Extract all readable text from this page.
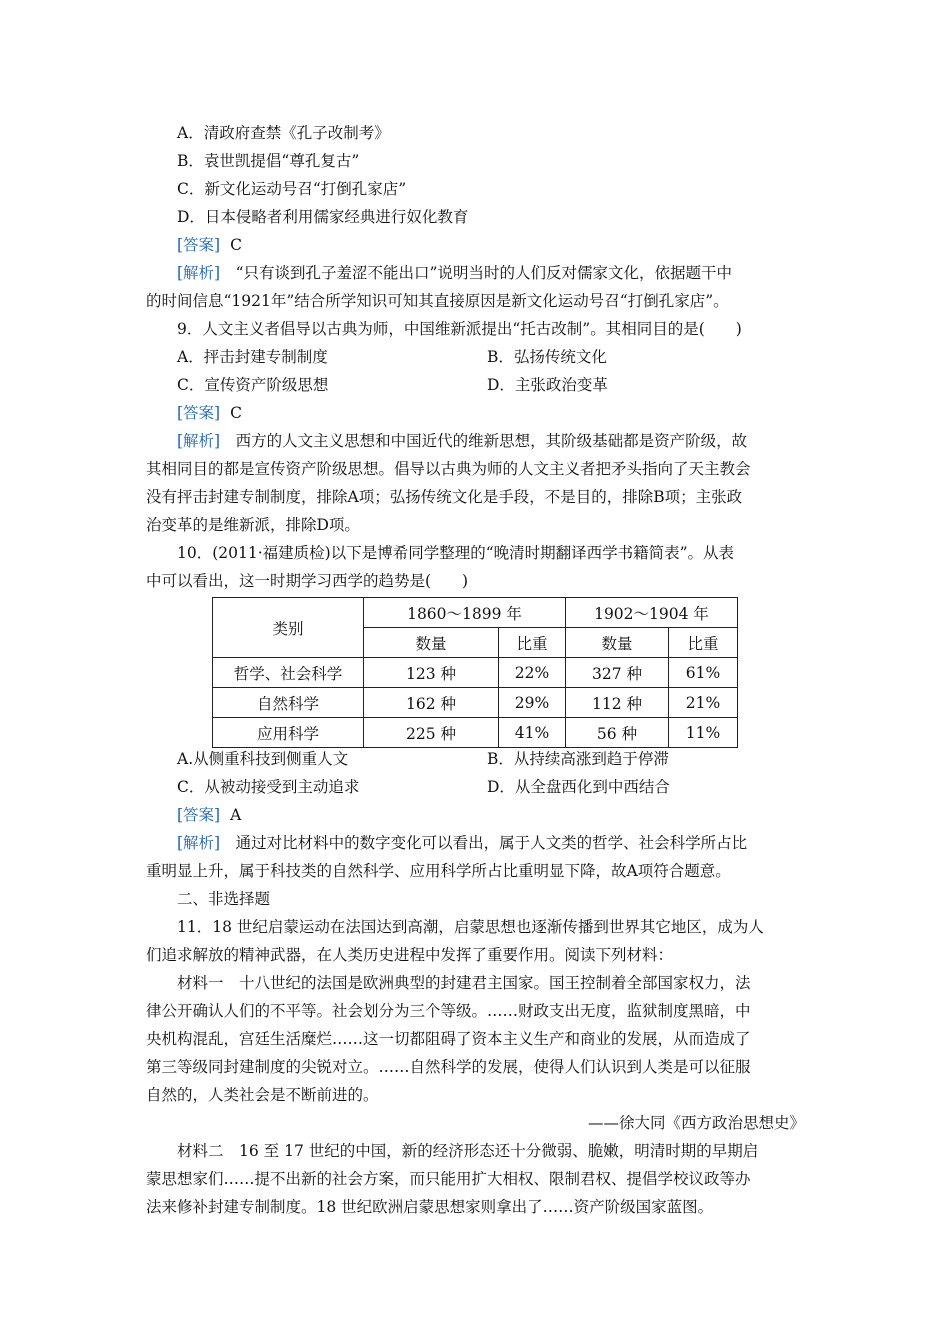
A．清政府查禁《孔子改制考》
B．袁世凯提倡“尊孔复古”
C．新文化运动号召“打倒孔家店”
D．日本侵略者利用儒家经典进行奴化教育
[答案] C
[解析]　 “只有谈到孔子羞涩不能出口”说明当时的人们反对儒家文化，依据题干中
的时间信息“1921年”结合所学知识可知其直接原因是新文化运动号召“打倒孔家店”。
9．人文主义者倡导以古典为师，中国维新派提出“托古改制”。其相同目的是(　　)
A．抨击封建专制制度	B．弘扬传统文化
C．宣传资产阶级思想	D．主张政治变革
[答案] C
[解析]　 西方的人文主义思想和中国近代的维新思想，其阶级基础都是资产阶级，故
其相同目的都是宣传资产阶级思想。倡导以古典为师的人文主义者把矛头指向了天主教会
没有抨击封建专制制度，排除A项；弘扬传统文化是手段，不是目的，排除B项；主张政
治变革的是维新派，排除D项。
10．(2011·福建质检)以下是博希同学整理的“晚清时期翻译西学书籍简表”。从表
中可以看出，这一时期学习西学的趋势是(　　)
类别	1860～1899 年		1902～1904 年	
	数量	比重	数量	比重
哲学、社会科学	123 种	22%	327 种	61%
自然科学	162 种	29%	112 种	21%
应用科学	225 种	41%	56 种	11%
A.从侧重科技到侧重人文	B．从持续高涨到趋于停滞
C．从被动接受到主动追求	D．从全盘西化到中西结合
[答案] A
[解析]　 通过对比材料中的数字变化可以看出，属于人文类的哲学、社会科学所占比
重明显上升，属于科技类的自然科学、应用科学所占比重明显下降，故A项符合题意。
二、非选择题
11．18 世纪启蒙运动在法国达到高潮，启蒙思想也逐渐传播到世界其它地区，成为人
们追求解放的精神武器，在人类历史进程中发挥了重要作用。阅读下列材料：
材料一　十八世纪的法国是欧洲典型的封建君主国家。国王控制着全部国家权力，法
律公开确认人们的不平等。社会划分为三个等级。……财政支出无度，监狱制度黑暗，中
央机构混乱，宫廷生活糜烂……这一切都阻碍了资本主义生产和商业的发展，从而造成了
第三等级同封建制度的尖锐对立。……自然科学的发展，使得人们认识到人类是可以征服
自然的，人类社会是不断前进的。
——徐大同《西方政治思想史》
材料二　16 至 17 世纪的中国，新的经济形态还十分微弱、脆嫩，明清时期的早期启
蒙思想家们……提不出新的社会方案，而只能用扩大相权、限制君权、提倡学校议政等办
法来修补封建专制制度。18 世纪欧洲启蒙思想家则拿出了……资产阶级国家蓝图。
